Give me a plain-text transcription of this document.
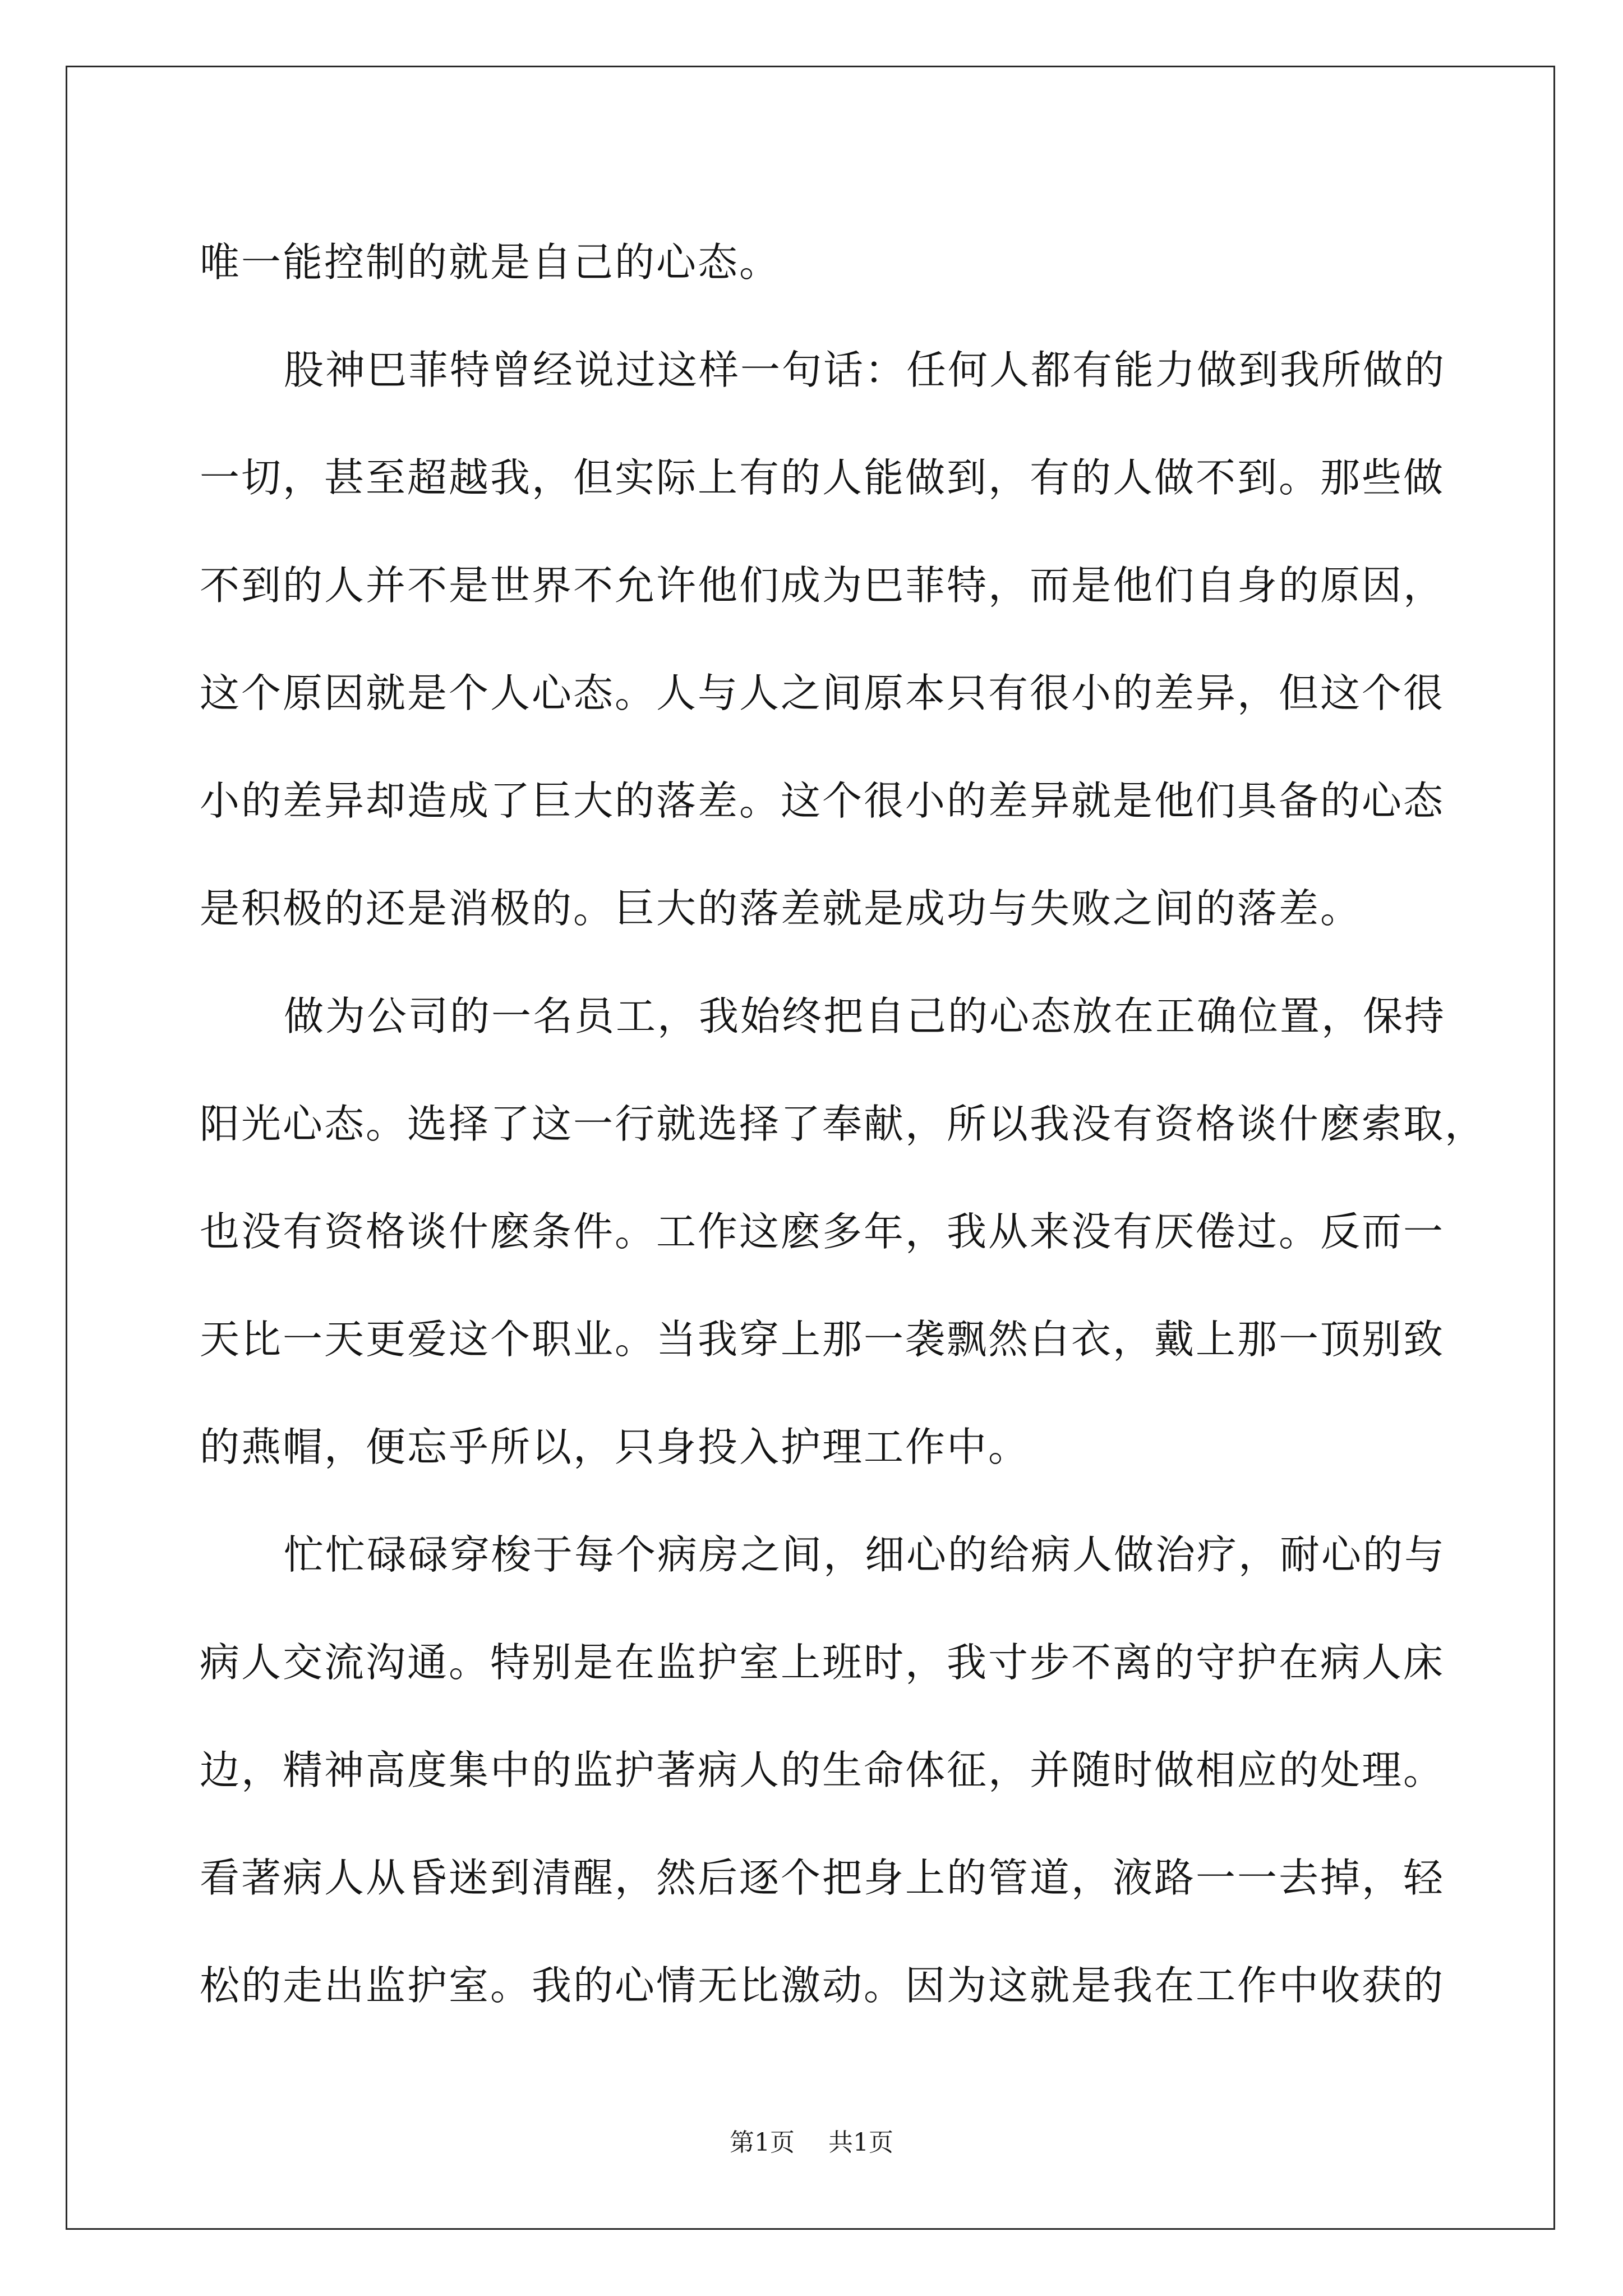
唯一能控制的就是自己的心态。
股神巴菲特曾经说过这样一句话：任何人都有能力做到我所做的
一切，甚至超越我，但实际上有的人能做到，有的人做不到。那些做
不到的人并不是世界不允许他们成为巴菲特，而是他们自身的原因，
这个原因就是个人心态。人与人之间原本只有很小的差异，但这个很
小的差异却造成了巨大的落差。这个很小的差异就是他们具备的心态
是积极的还是消极的。巨大的落差就是成功与失败之间的落差。
做为公司的一名员工，我始终把自己的心态放在正确位置，保持
阳光心态。选择了这一行就选择了奉献，所以我没有资格谈什麽索取，
也没有资格谈什麽条件。工作这麽多年，我从来没有厌倦过。反而一
天比一天更爱这个职业。当我穿上那一袭飘然白衣，戴上那一顶别致
的燕帽，便忘乎所以，只身投入护理工作中。
忙忙碌碌穿梭于每个病房之间，细心的给病人做治疗，耐心的与
病人交流沟通。特别是在监护室上班时，我寸步不离的守护在病人床
边，精神高度集中的监护著病人的生命体征，并随时做相应的处理。
看著病人从昏迷到清醒，然后逐个把身上的管道，液路一一去掉，轻
松的走出监护室。我的心情无比激动。因为这就是我在工作中收获的
第1页 共1页
